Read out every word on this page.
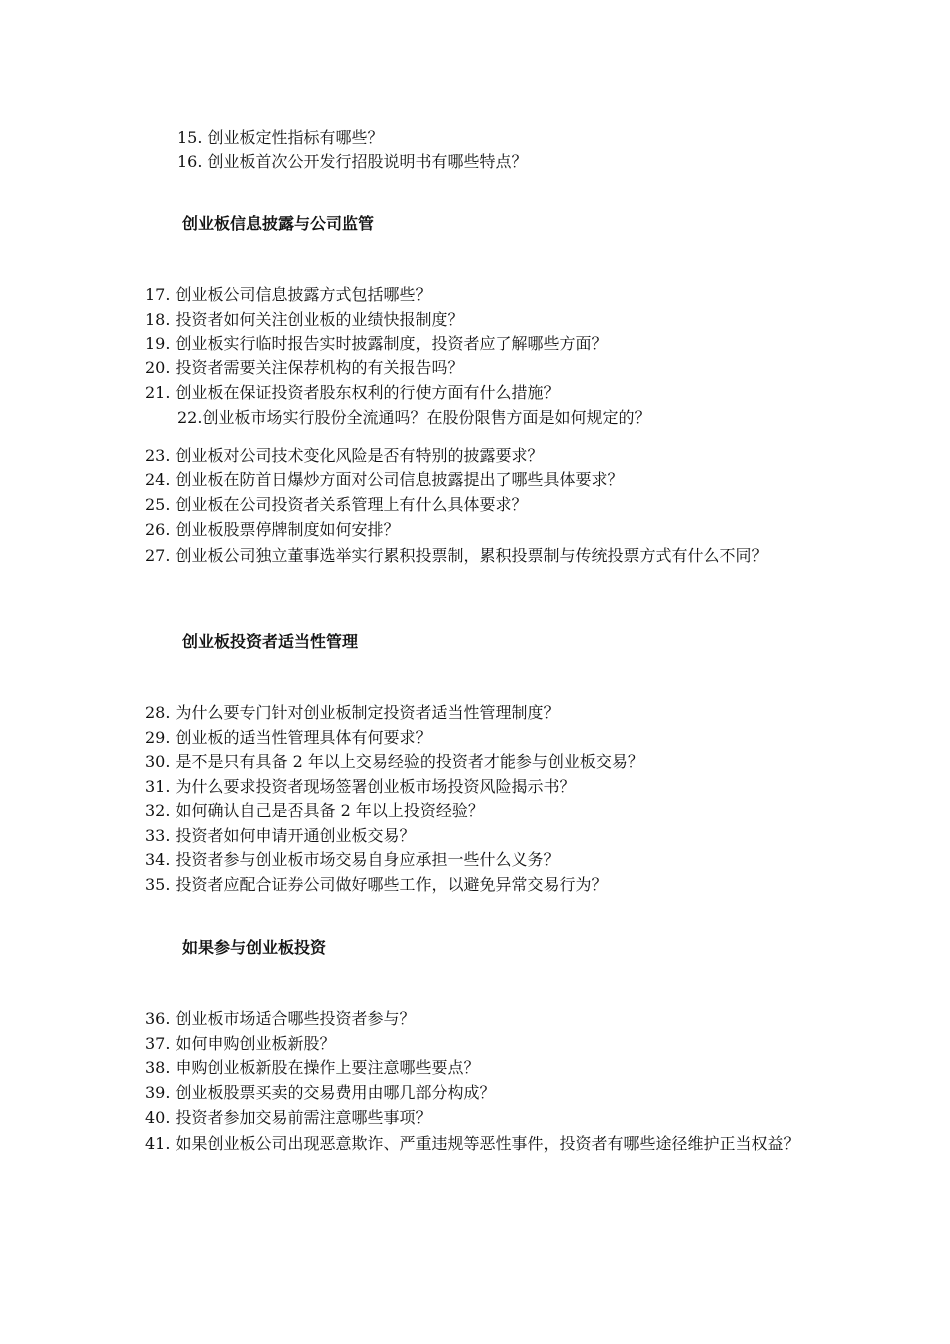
15. 创业板定性指标有哪些？
16. 创业板首次公开发行招股说明书有哪些特点？
创业板信息披露与公司监管
17. 创业板公司信息披露方式包括哪些？
18. 投资者如何关注创业板的业绩快报制度？
19. 创业板实行临时报告实时披露制度，投资者应了解哪些方面？
20. 投资者需要关注保荐机构的有关报告吗？
21. 创业板在保证投资者股东权利的行使方面有什么措施？
22.创业板市场实行股份全流通吗？在股份限售方面是如何规定的？
23. 创业板对公司技术变化风险是否有特别的披露要求？
24. 创业板在防首日爆炒方面对公司信息披露提出了哪些具体要求？
25. 创业板在公司投资者关系管理上有什么具体要求？
26. 创业板股票停牌制度如何安排？
27. 创业板公司独立董事选举实行累积投票制，累积投票制与传统投票方式有什么不同？
创业板投资者适当性管理
28. 为什么要专门针对创业板制定投资者适当性管理制度？
29. 创业板的适当性管理具体有何要求？
30. 是不是只有具备 2 年以上交易经验的投资者才能参与创业板交易？
31. 为什么要求投资者现场签署创业板市场投资风险揭示书？
32. 如何确认自己是否具备 2 年以上投资经验？
33. 投资者如何申请开通创业板交易？
34. 投资者参与创业板市场交易自身应承担一些什么义务？
35. 投资者应配合证券公司做好哪些工作，以避免异常交易行为？
如果参与创业板投资
36. 创业板市场适合哪些投资者参与？
37. 如何申购创业板新股？
38. 申购创业板新股在操作上要注意哪些要点？
39. 创业板股票买卖的交易费用由哪几部分构成？
40. 投资者参加交易前需注意哪些事项？
41. 如果创业板公司出现恶意欺诈、严重违规等恶性事件，投资者有哪些途径维护正当权益？
